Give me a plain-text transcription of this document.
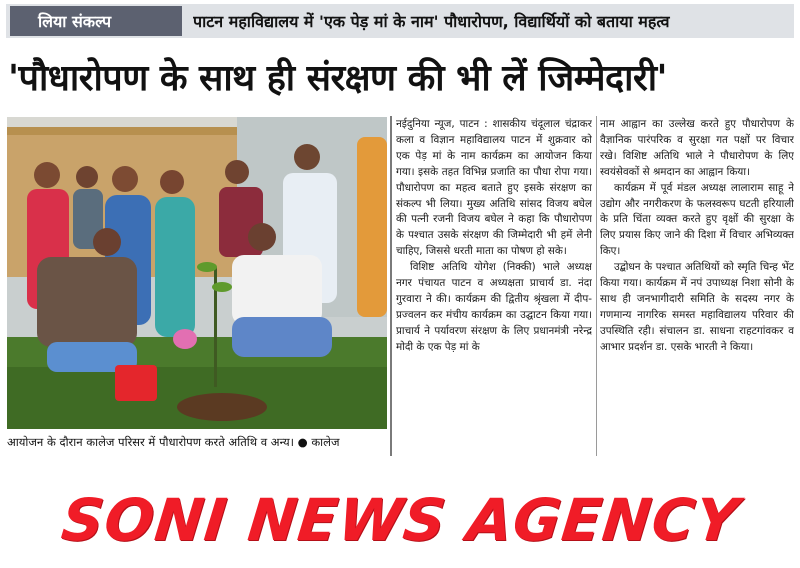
लिया संकल्प	पाटन महाविद्यालय में 'एक पेड़ मां के नाम' पौधारोपण, विद्यार्थियों को बताया महत्व
'पौधारोपण के साथ ही संरक्षण की भी लें जिम्मेदारी'
आयोजन के दौरान कालेज परिसर में पौधारोपण करते अतिथि व अन्य। ● कालेज

नईदुनिया न्यूज, पाटन : शासकीय चंदूलाल चंद्राकर कला व विज्ञान महाविद्यालय पाटन में शुक्रवार को एक पेड़ मां के नाम कार्यक्रम का आयोजन किया गया। इसके तहत विभिन्न प्रजाति का पौधा रोपा गया। पौधारोपण का महत्व बताते हुए इसके संरक्षण का संकल्प भी लिया। मुख्य अतिथि सांसद विजय बघेल की पत्नी रजनी विजय बघेल ने कहा कि पौधारोपण के पश्चात उसके संरक्षण की जिम्मेदारी भी हमें लेनी चाहिए, जिससे धरती माता का पोषण हो सके।

विशिष्ट अतिथि योगेश (निक्की) भाले अध्यक्ष नगर पंचायत पाटन व अध्यक्षता प्राचार्य डा. नंदा गुरवारा ने की। कार्यक्रम की द्वितीय श्रृंखला में दीप-प्रज्वलन कर मंचीय कार्यक्रम का उद्घाटन किया गया। प्राचार्य ने पर्यावरण संरक्षण के लिए प्रधानमंत्री नरेन्द्र मोदी के एक पेड़ मां के

नाम आह्वान का उल्लेख करते हुए पौधारोपण के वैज्ञानिक पारंपरिक व सुरक्षा गत पक्षों पर विचार रखे। विशिष्ट अतिथि भाले ने पौधारोपण के लिए स्वयंसेवकों से श्रमदान का आह्वान किया।

कार्यक्रम में पूर्व मंडल अध्यक्ष लालाराम साहू ने उद्योग और नगरीकरण के फलस्वरूप घटती हरियाली के प्रति चिंता व्यक्त करते हुए वृक्षों की सुरक्षा के लिए प्रयास किए जाने की दिशा में विचार अभिव्यक्त किए।

उद्बोधन के पश्चात अतिथियों को स्मृति चिन्ह भेंट किया गया। कार्यक्रम में नपं उपाध्यक्ष निशा सोनी के साथ ही जनभागीदारी समिति के सदस्य नगर के गणमान्य नागरिक समस्त महाविद्यालय परिवार की उपस्थिति रही। संचालन डा. साधना राहटगांवकर व आभार प्रदर्शन डा. एसके भारती ने किया।

SONI NEWS AGENCY
